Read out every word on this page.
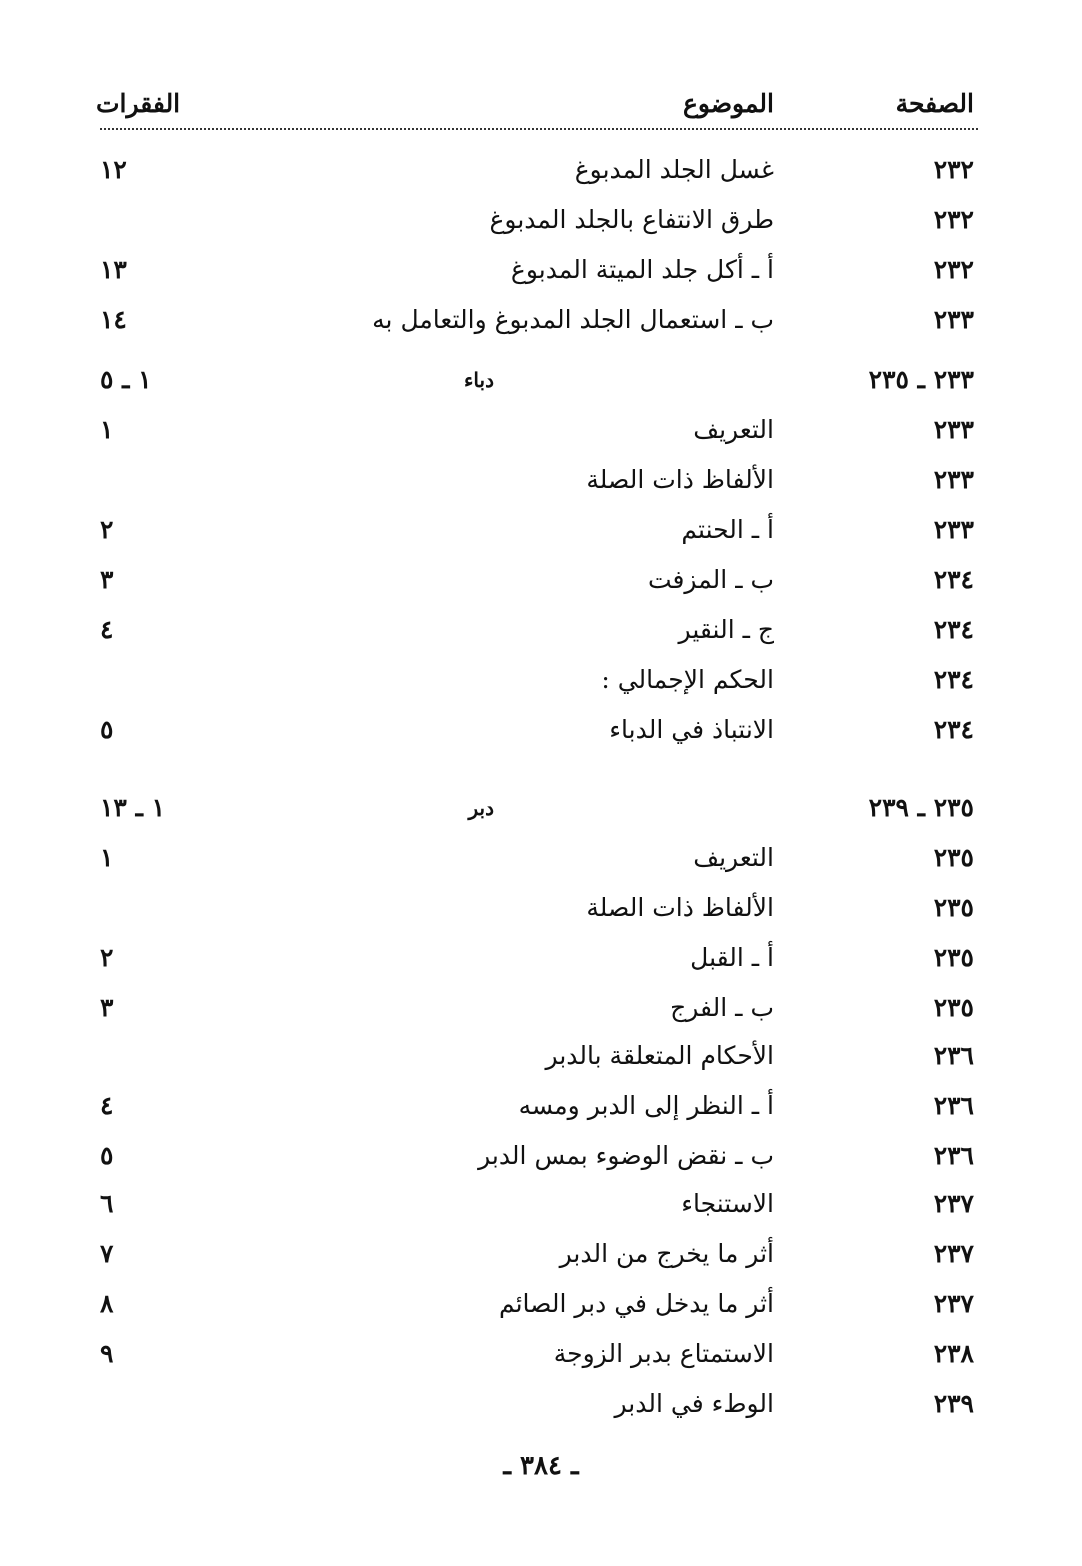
الصفحة
الموضوع
الفقرات
٢٣٢
غسل الجلد المدبوغ
١٢
٢٣٢
طرق الانتفاع بالجلد المدبوغ
٢٣٢
أ ـ أكل جلد الميتة المدبوغ
١٣
٢٣٣
ب ـ استعمال الجلد المدبوغ والتعامل به
١٤
٢٣٣ ـ ٢٣٥
دباء
١ ـ ٥
٢٣٣
التعريف
١
٢٣٣
الألفاظ ذات الصلة
٢٣٣
أ ـ الحنتم
٢
٢٣٤
ب ـ المزفت
٣
٢٣٤
ج ـ النقير
٤
٢٣٤
الحكم الإجمالي :
٢٣٤
الانتباذ في الدباء
٥
٢٣٥ ـ ٢٣٩
دبر
١ ـ ١٣
٢٣٥
التعريف
١
٢٣٥
الألفاظ ذات الصلة
٢٣٥
أ ـ القبل
٢
٢٣٥
ب ـ الفرج
٣
٢٣٦
الأحكام المتعلقة بالدبر
٢٣٦
أ ـ النظر إلى الدبر ومسه
٤
٢٣٦
ب ـ نقض الوضوء بمس الدبر
٥
٢٣٧
الاستنجاء
٦
٢٣٧
أثر ما يخرج من الدبر
٧
٢٣٧
أثر ما يدخل في دبر الصائم
٨
٢٣٨
الاستمتاع بدبر الزوجة
٩
٢٣٩
الوطء في الدبر
ـ ٣٨٤ ـ
